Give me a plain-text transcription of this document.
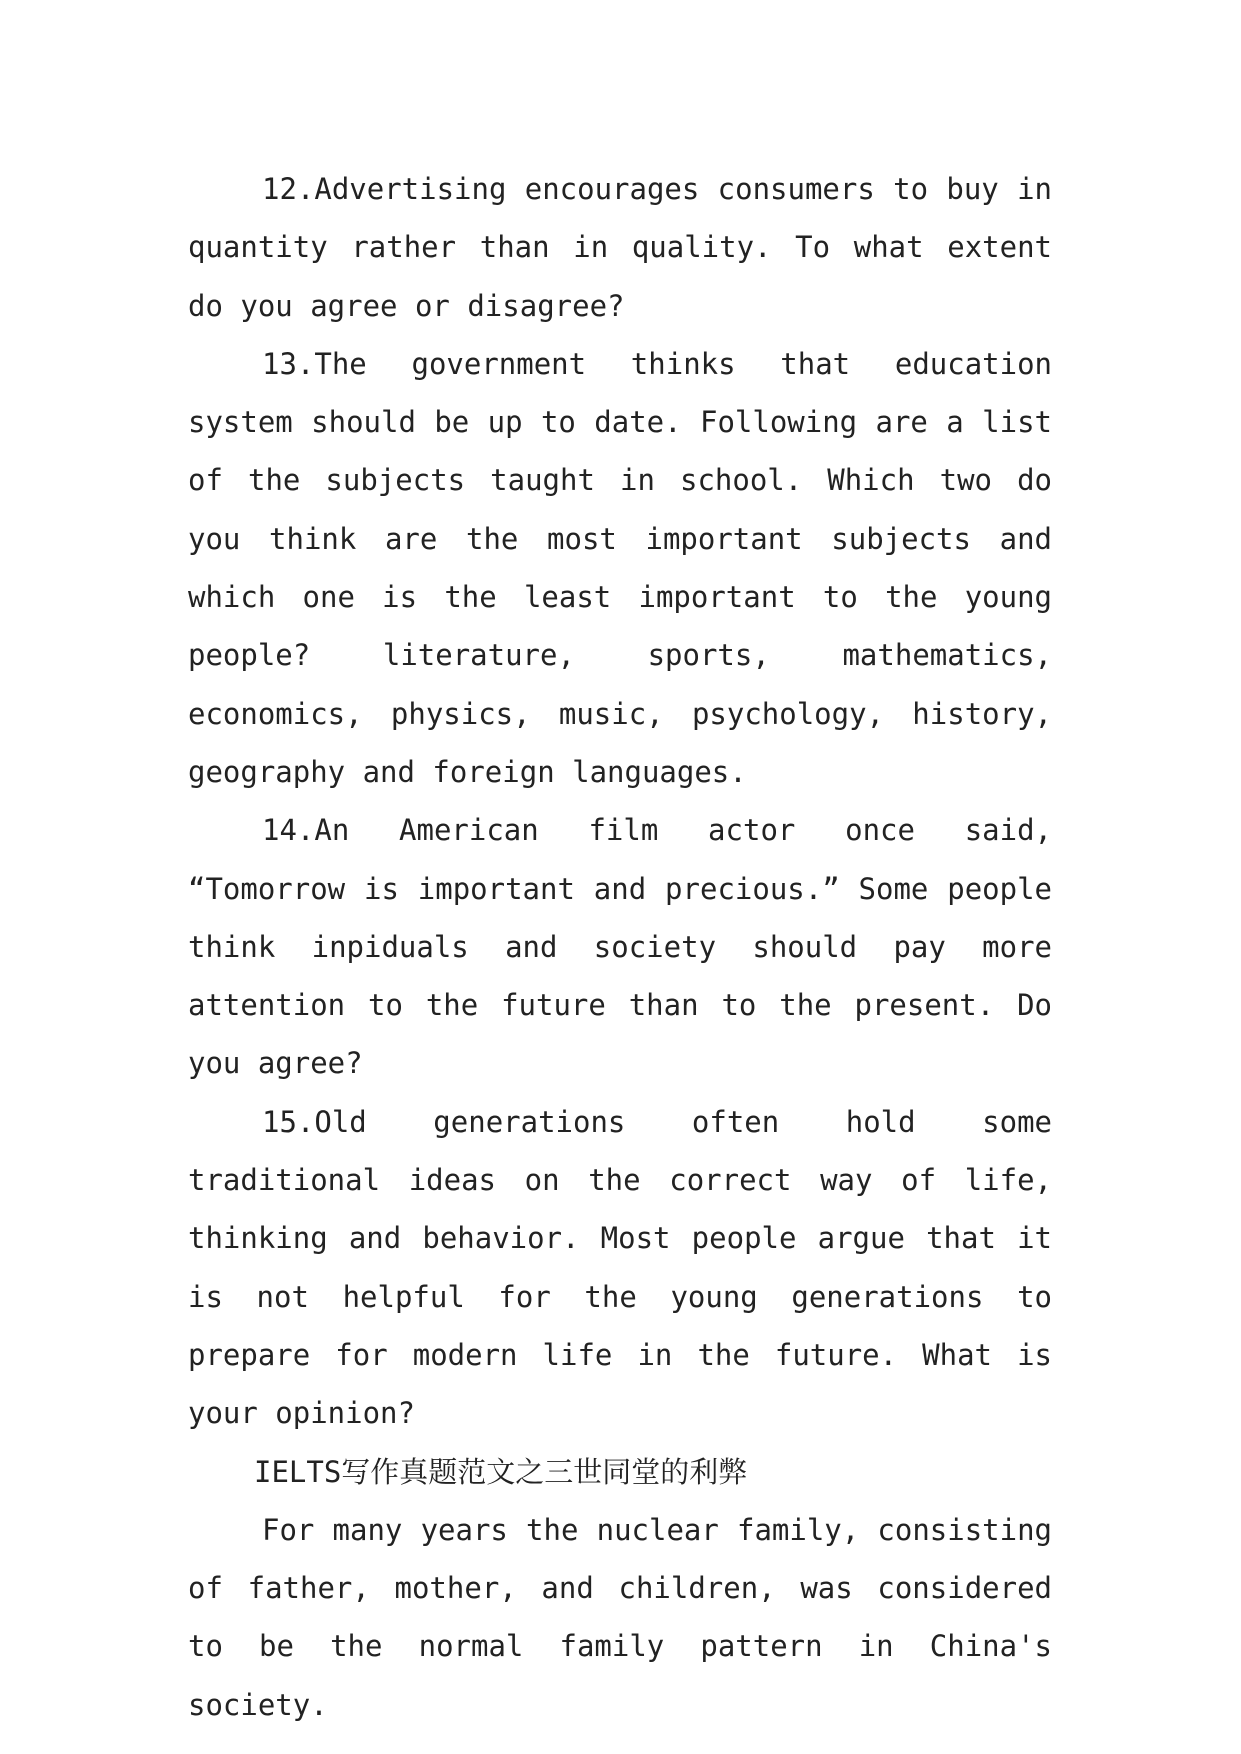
12.Advertising encourages consumers to buy in quantity rather than in quality. To what extent do you agree or disagree?

13.The government thinks that education system should be up to date. Following are a list of the subjects taught in school. Which two do you think are the most important subjects and which one is the least important to the young people? literature, sports, mathematics, economics, physics, music, psychology, history, geography and foreign languages.

14.An American film actor once said, “Tomorrow is important and precious.” Some people think inpiduals and society should pay more attention to the future than to the present. Do you agree?

15.Old generations often hold some traditional ideas on the correct way of life, thinking and behavior. Most people argue that it is not helpful for the young generations to prepare for modern life in the future. What is your opinion?

IELTS写作真题范文之三世同堂的利弊

For many years the nuclear family, consisting of father, mother, and children, was considered to be the normal family pattern in China's society.
